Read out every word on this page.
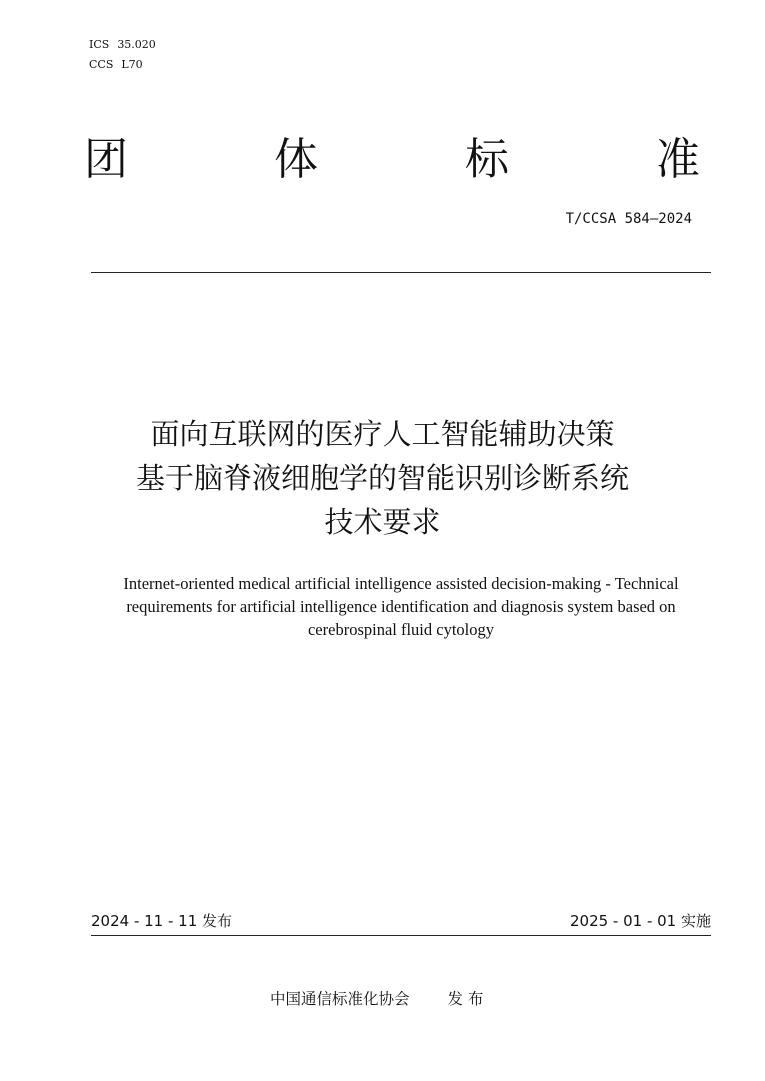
ICS 35.020
CCS L70
团	体	标	准
T/CCSA 584—2024
面向互联网的医疗人工智能辅助决策
基于脑脊液细胞学的智能识别诊断系统
技术要求
Internet-oriented medical artificial intelligence assisted decision-making - Technical
requirements for artificial intelligence identification and diagnosis system based on
cerebrospinal fluid cytology
2024 - 11 - 11 发布	2025 - 01 - 01 实施
中国通信标准化协会 发 布
